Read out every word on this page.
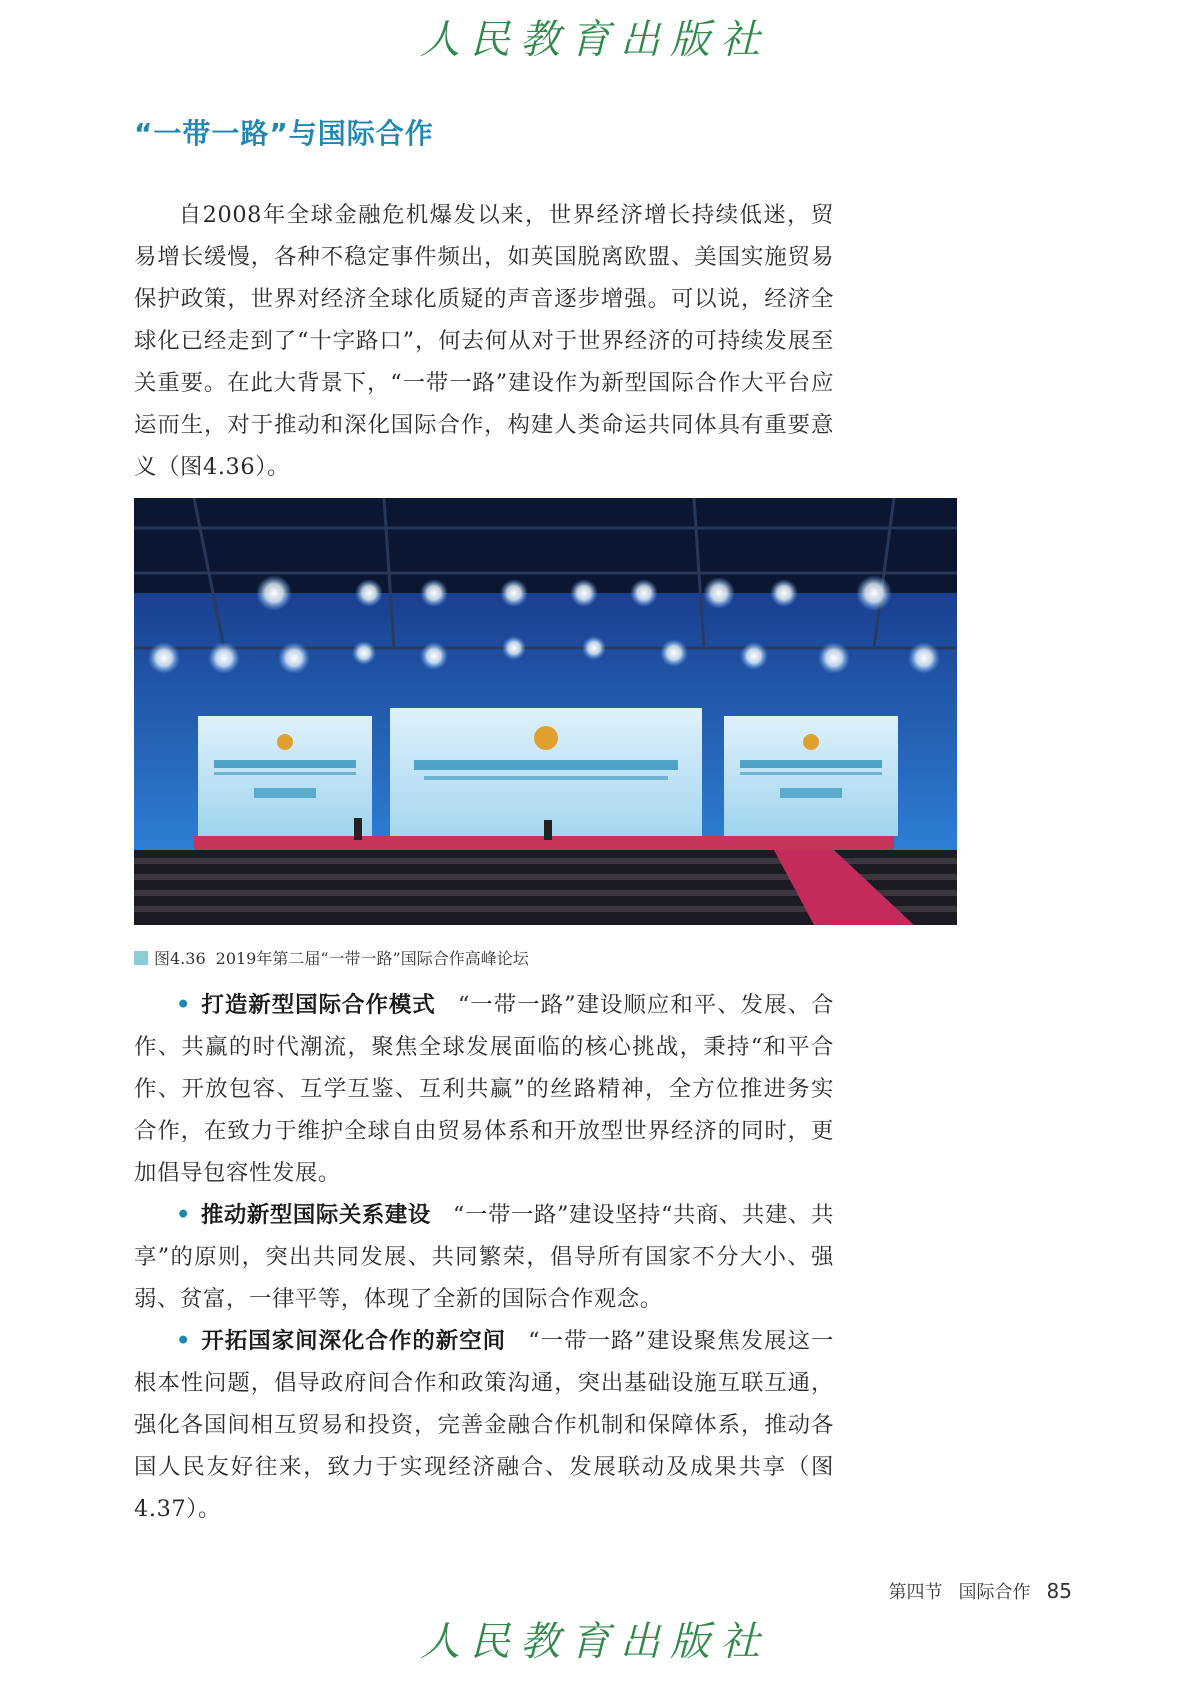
人民教育出版社
“一带一路”与国际合作

自2008年全球金融危机爆发以来，世界经济增长持续低迷，贸易增长缓慢，各种不稳定事件频出，如英国脱离欧盟、美国实施贸易保护政策，世界对经济全球化质疑的声音逐步增强。可以说，经济全球化已经走到了“十字路口”，何去何从对于世界经济的可持续发展至关重要。在此大背景下，“一带一路”建设作为新型国际合作大平台应运而生，对于推动和深化国际合作，构建人类命运共同体具有重要意义（图4.36）。

图4.36 2019年第二届“一带一路”国际合作高峰论坛

• 打造新型国际合作模式 “一带一路”建设顺应和平、发展、合作、共赢的时代潮流，聚焦全球发展面临的核心挑战，秉持“和平合作、开放包容、互学互鉴、互利共赢”的丝路精神，全方位推进务实合作，在致力于维护全球自由贸易体系和开放型世界经济的同时，更加倡导包容性发展。

• 推动新型国际关系建设 “一带一路”建设坚持“共商、共建、共享”的原则，突出共同发展、共同繁荣，倡导所有国家不分大小、强弱、贫富，一律平等，体现了全新的国际合作观念。

• 开拓国家间深化合作的新空间 “一带一路”建设聚焦发展这一根本性问题，倡导政府间合作和政策沟通，突出基础设施互联互通，强化各国间相互贸易和投资，完善金融合作机制和保障体系，推动各国人民友好往来，致力于实现经济融合、发展联动及成果共享（图4.37）。

第四节 国际合作 85
人民教育出版社
